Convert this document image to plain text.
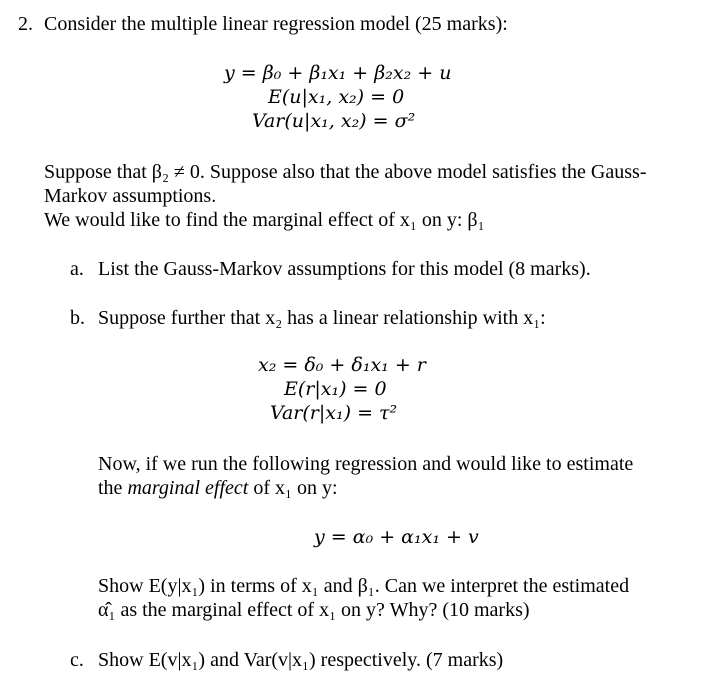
2. Consider the multiple linear regression model (25 marks):
y = β₀ + β₁x₁ + β₂x₂ + u
E(u|x₁, x₂) = 0
Var(u|x₁, x₂) = σ²
Suppose that β₂ ≠ 0. Suppose also that the above model satisfies the Gauss-
Markov assumptions.
We would like to find the marginal effect of x₁ on y: β₁
a. List the Gauss-Markov assumptions for this model (8 marks).
b. Suppose further that x₂ has a linear relationship with x₁:
x₂ = δ₀ + δ₁x₁ + r
E(r|x₁) = 0
Var(r|x₁) = τ²
Now, if we run the following regression and would like to estimate
the marginal effect of x₁ on y:
y = α₀ + α₁x₁ + v
Show E(y|x₁) in terms of x₁ and β₁. Can we interpret the estimated
α̂₁ as the marginal effect of x₁ on y? Why? (10 marks)
c. Show E(v|x₁) and Var(v|x₁) respectively. (7 marks)
